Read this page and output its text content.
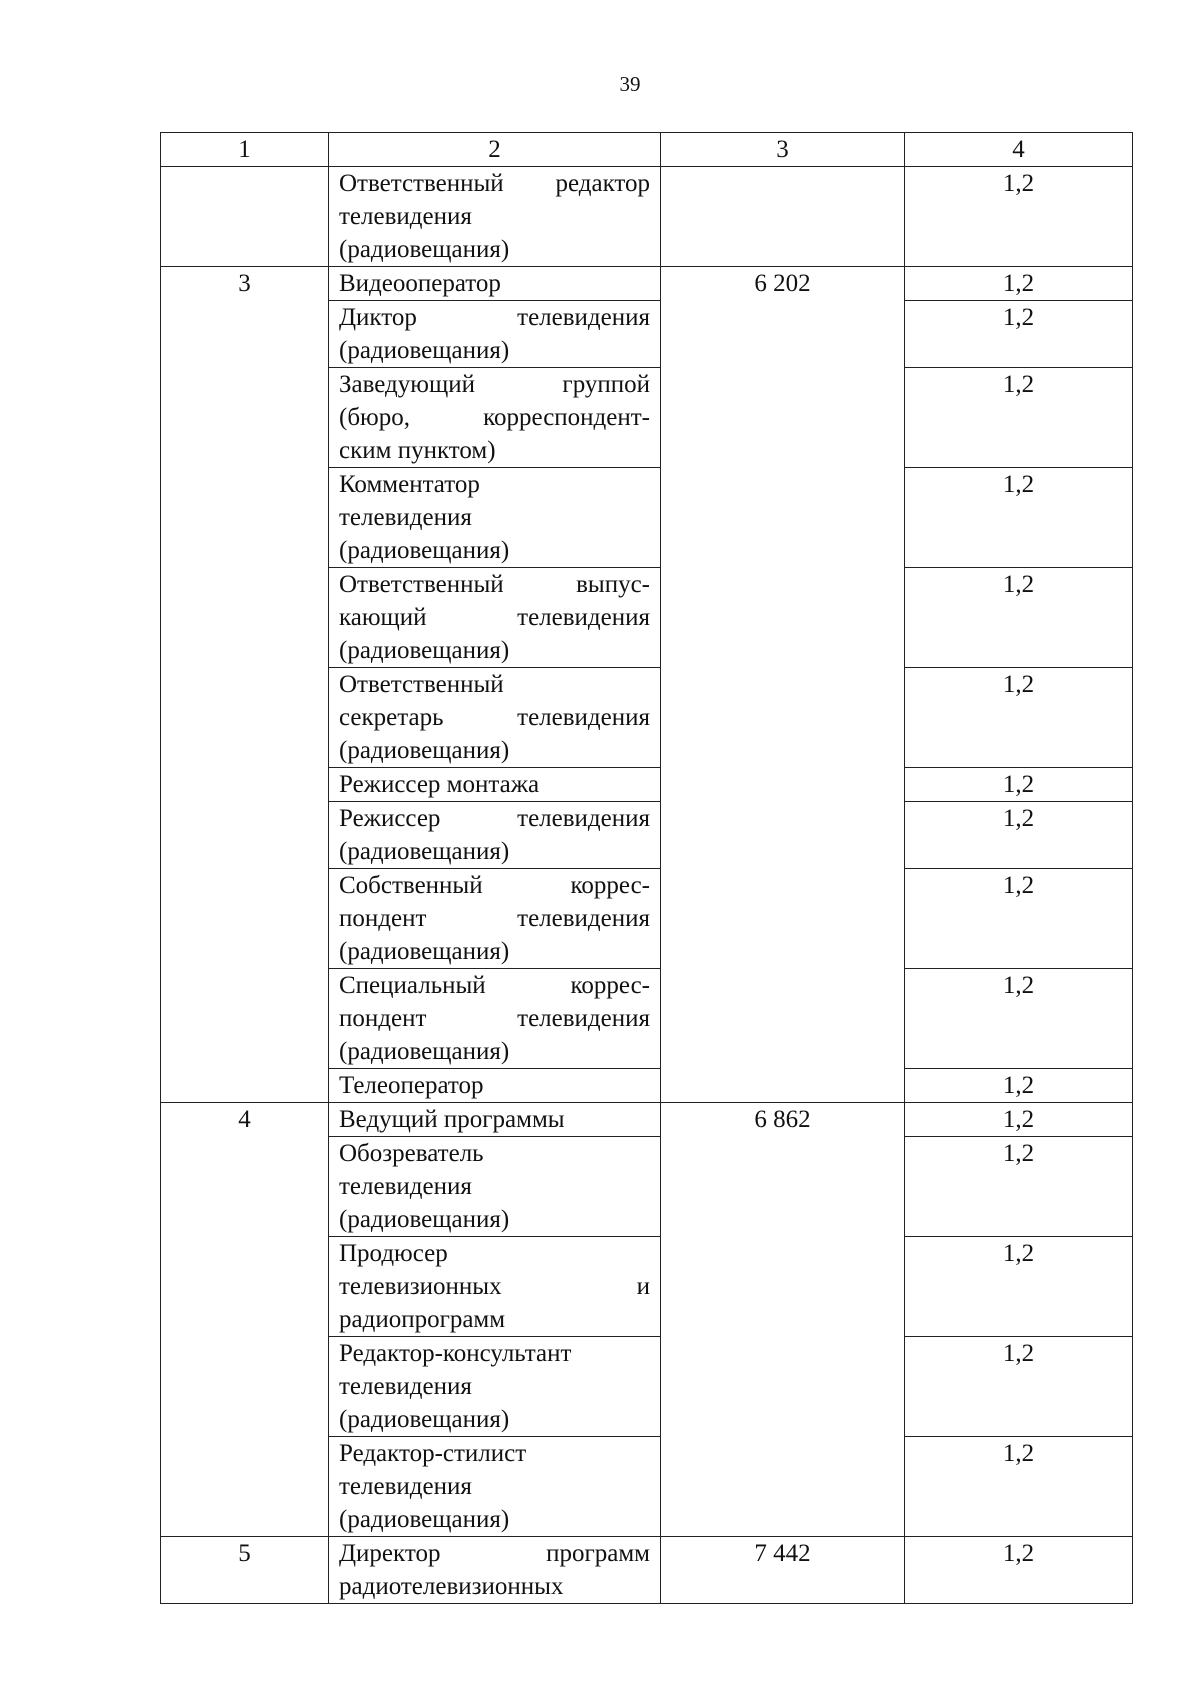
39
1	2	3	4

	Ответственный редактор
телевидения
(радиовещания)		1,2
3	Видеооператор	6 202	1,2

	Диктор телевидения
(радиовещания)		1,2

	Заведующий группой
(бюро, корреспондент-
ским пунктом)		1,2

	Комментатор
телевидения
(радиовещания)		1,2

	Ответственный выпус-
кающий телевидения
(радиовещания)		1,2

	Ответственный
секретарь телевидения
(радиовещания)		1,2

	Режиссер монтажа		1,2

	Режиссер телевидения
(радиовещания)		1,2

	Собственный коррес-
пондент телевидения
(радиовещания)		1,2

	Специальный коррес-
пондент телевидения
(радиовещания)		1,2

	Телеоператор		1,2
4	Ведущий программы	6 862	1,2

	Обозреватель
телевидения
(радиовещания)		1,2

	Продюсер
телевизионных и
радиопрограмм		1,2

	Редактор-консультант
телевидения
(радиовещания)		1,2

	Редактор-стилист
телевидения
(радиовещания)		1,2
5	Директор программ
радиотелевизионных	7 442	1,2
